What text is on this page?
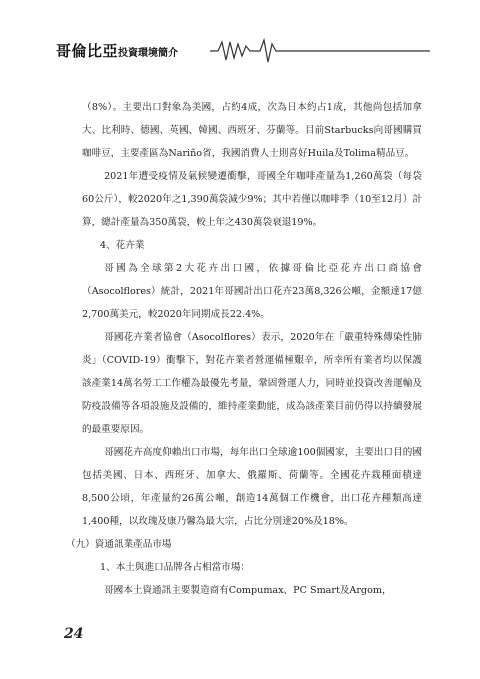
哥倫比亞投資環境簡介

（8%）。主要出口對象為美國，占約4成，次為日本約占1成，其他尚包括加拿大、比利時、德國、英國、韓國、西班牙、芬蘭等。目前Starbucks向哥國購買咖啡豆，主要產區為Nariño省，我國消費人士則喜好Huila及Tolima精品豆。

2021年遭受疫情及氣候變遷衝擊，哥國全年咖啡產量為1,260萬袋（每袋60公斤），較2020年之1,390萬袋減少9%；其中若僅以咖啡季（10至12月）計算，總計產量為350萬袋，較上年之430萬袋衰退19%。

4、花卉業

哥國為全球第2大花卉出口國，依據哥倫比亞花卉出口商協會（Asocolflores）統計，2021年哥國計出口花卉23萬8,326公噸，金額達17億2,700萬美元，較2020年同期成長22.4%。

哥國花卉業者協會（Asocolflores）表示，2020年在「嚴重特殊傳染性肺炎」（COVID-19）衝擊下，對花卉業者營運備極艱辛，所幸所有業者均以保護該產業14萬名勞工工作權為最優先考量，鞏固營運人力，同時並投資改善運輸及防疫設備等各項設施及設備的，維持產業動能，成為該產業目前仍得以持續發展的最重要原因。

哥國花卉高度仰賴出口市場，每年出口全球逾100個國家，主要出口目的國包括美國、日本、西班牙、加拿大、俄羅斯、荷蘭等。全國花卉栽種面積達8,500公頃，年產量約26萬公噸，創造14萬個工作機會，出口花卉種類高達1,400種，以玫瑰及康乃馨為最大宗，占比分別達20%及18%。

（九）資通訊業產品市場

1、本土與進口品牌各占相當市場：

哥國本土資通訊主要製造商有Compumax、PC Smart及Argom，

24
